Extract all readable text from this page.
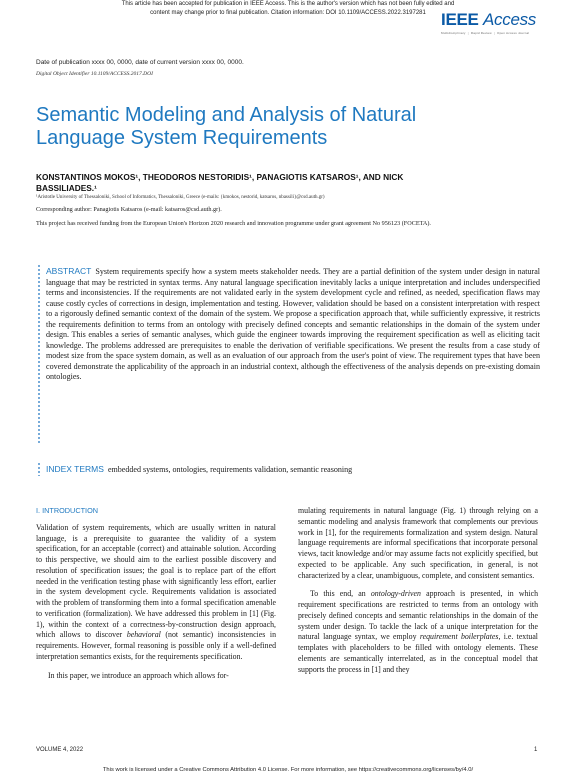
This article has been accepted for publication in IEEE Access. This is the author's version which has not been fully edited and
content may change prior to final publication. Citation information: DOI 10.1109/ACCESS.2022.3197281 IEEE Access
Multidisciplinary ⋮ Rapid Review ⋮ Open Access Journal
Date of publication xxxx 00, 0000, date of current version xxxx 00, 0000.
Digital Object Identifier 10.1109/ACCESS.2017.DOI
Semantic Modeling and Analysis of Natural Language System Requirements
KONSTANTINOS MOKOS¹, THEODOROS NESTORIDIS¹, PANAGIOTIS KATSAROS¹, AND NICK BASSILIADES.¹
¹Aristotle University of Thessaloniki, School of Informatics, Thessaloniki, Greece (e-mails: {kmokos, nestorid, katsaros, nbassili}@csd.auth.gr)
Corresponding author: Panagiotis Katsaros (e-mail: katsaros@csd.auth.gr).
This project has received funding from the European Union's Horizon 2020 research and innovation programme under grant agreement No 956123 (FOCETA).
ABSTRACT System requirements specify how a system meets stakeholder needs. They are a partial definition of the system under design in natural language that may be restricted in syntax terms. Any natural language specification inevitably lacks a unique interpretation and includes underspecified terms and inconsistencies. If the requirements are not validated early in the system development cycle and refined, as needed, specification flaws may cause costly cycles of corrections in design, implementation and testing. However, validation should be based on a consistent interpretation with respect to a rigorously defined semantic context of the domain of the system. We propose a specification approach that, while sufficiently expressive, it restricts the requirements definition to terms from an ontology with precisely defined concepts and semantic relationships in the domain of the system under design. This enables a series of semantic analyses, which guide the engineer towards improving the requirement specification as well as eliciting tacit knowledge. The problems addressed are prerequisites to enable the derivation of verifiable specifications. We present the results from a case study of modest size from the space system domain, as well as an evaluation of our approach from the user's point of view. The requirement types that have been covered demonstrate the applicability of the approach in an industrial context, although the effectiveness of the analysis depends on pre-existing domain ontologies.
INDEX TERMS embedded systems, ontologies, requirements validation, semantic reasoning
I. INTRODUCTION

Validation of system requirements, which are usually written in natural language, is a prerequisite to guarantee the validity of a system specification, for an acceptable (correct) and attainable solution. According to this perspective, we should aim to the earliest possible discovery and resolution of specification issues; the goal is to replace part of the effort needed in the verification testing phase with significantly less effort, earlier in the system development cycle. Requirements validation is associated with the problem of transforming them into a formal specification amenable to verification (formalization). We have addressed this problem in [1] (Fig. 1), within the context of a correctness-by-construction design approach, which allows to discover behavioral (not semantic) inconsistencies in requirements. However, formal reasoning is possible only if a well-defined interpretation semantics exists, for the requirements specification.

In this paper, we introduce an approach which allows for-

mulating requirements in natural language (Fig. 1) through relying on a semantic modeling and analysis framework that complements our previous work in [1], for the requirements formalization and system design. Natural language requirements are informal specifications that incorporate personal views, tacit knowledge and/or may assume facts not explicitly specified, but expected to be applicable. Any such specification, in general, is not characterized by a clear, unambiguous, complete, and consistent semantics.

To this end, an ontology-driven approach is presented, in which requirement specifications are restricted to terms from an ontology with precisely defined concepts and semantic relationships in the domain of the system under design. To tackle the lack of a unique interpretation for the natural language syntax, we employ requirement boilerplates, i.e. textual templates with placeholders to be filled with ontology elements. These elements are semantically interrelated, as in the conceptual model that supports the process in [1] and they

VOLUME 4, 2022	1
This work is licensed under a Creative Commons Attribution 4.0 License. For more information, see https://creativecommons.org/licenses/by/4.0/
